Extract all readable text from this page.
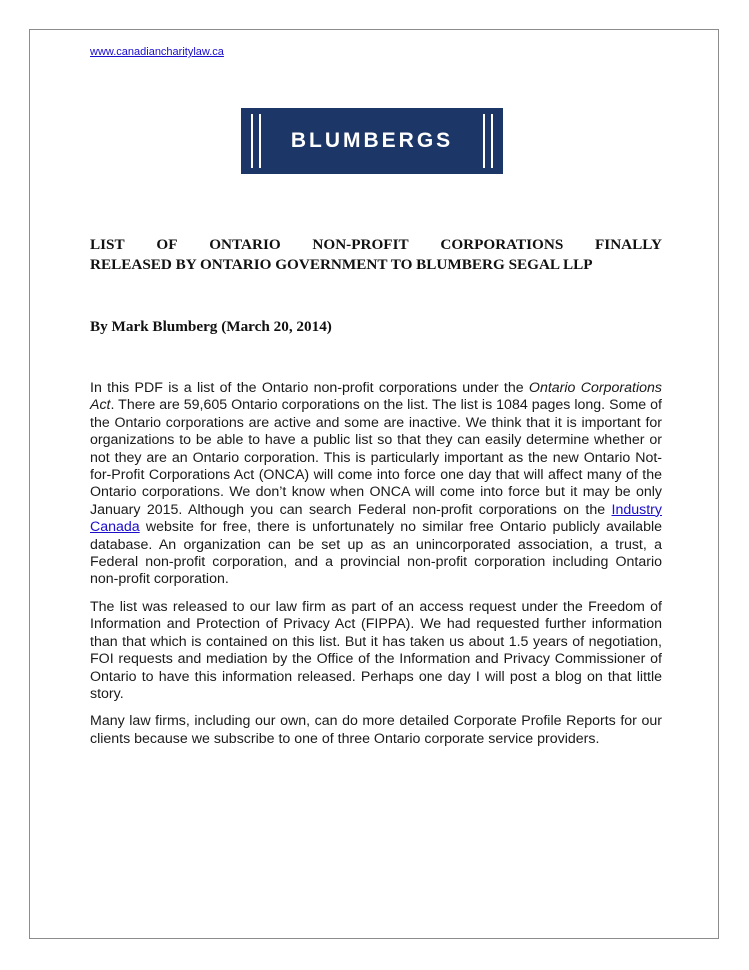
www.canadiancharitylaw.ca
BLUMBERGS
LIST OF ONTARIO NON-PROFIT CORPORATIONS FINALLY
RELEASED BY ONTARIO GOVERNMENT TO BLUMBERG SEGAL LLP

By Mark Blumberg (March 20, 2014)

In this PDF is a list of the Ontario non-profit corporations under the Ontario Corporations Act. There are 59,605 Ontario corporations on the list. The list is 1084 pages long. Some of the Ontario corporations are active and some are inactive. We think that it is important for organizations to be able to have a public list so that they can easily determine whether or not they are an Ontario corporation. This is particularly important as the new Ontario Not-for-Profit Corporations Act (ONCA) will come into force one day that will affect many of the Ontario corporations. We don’t know when ONCA will come into force but it may be only January 2015. Although you can search Federal non-profit corporations on the Industry Canada website for free, there is unfortunately no similar free Ontario publicly available database. An organization can be set up as an unincorporated association, a trust, a Federal non-profit corporation, and a provincial non-profit corporation including Ontario non-profit corporation.

The list was released to our law firm as part of an access request under the Freedom of Information and Protection of Privacy Act (FIPPA). We had requested further information than that which is contained on this list. But it has taken us about 1.5 years of negotiation, FOI requests and mediation by the Office of the Information and Privacy Commissioner of Ontario to have this information released. Perhaps one day I will post a blog on that little story.

Many law firms, including our own, can do more detailed Corporate Profile Reports for our clients because we subscribe to one of three Ontario corporate service providers.
